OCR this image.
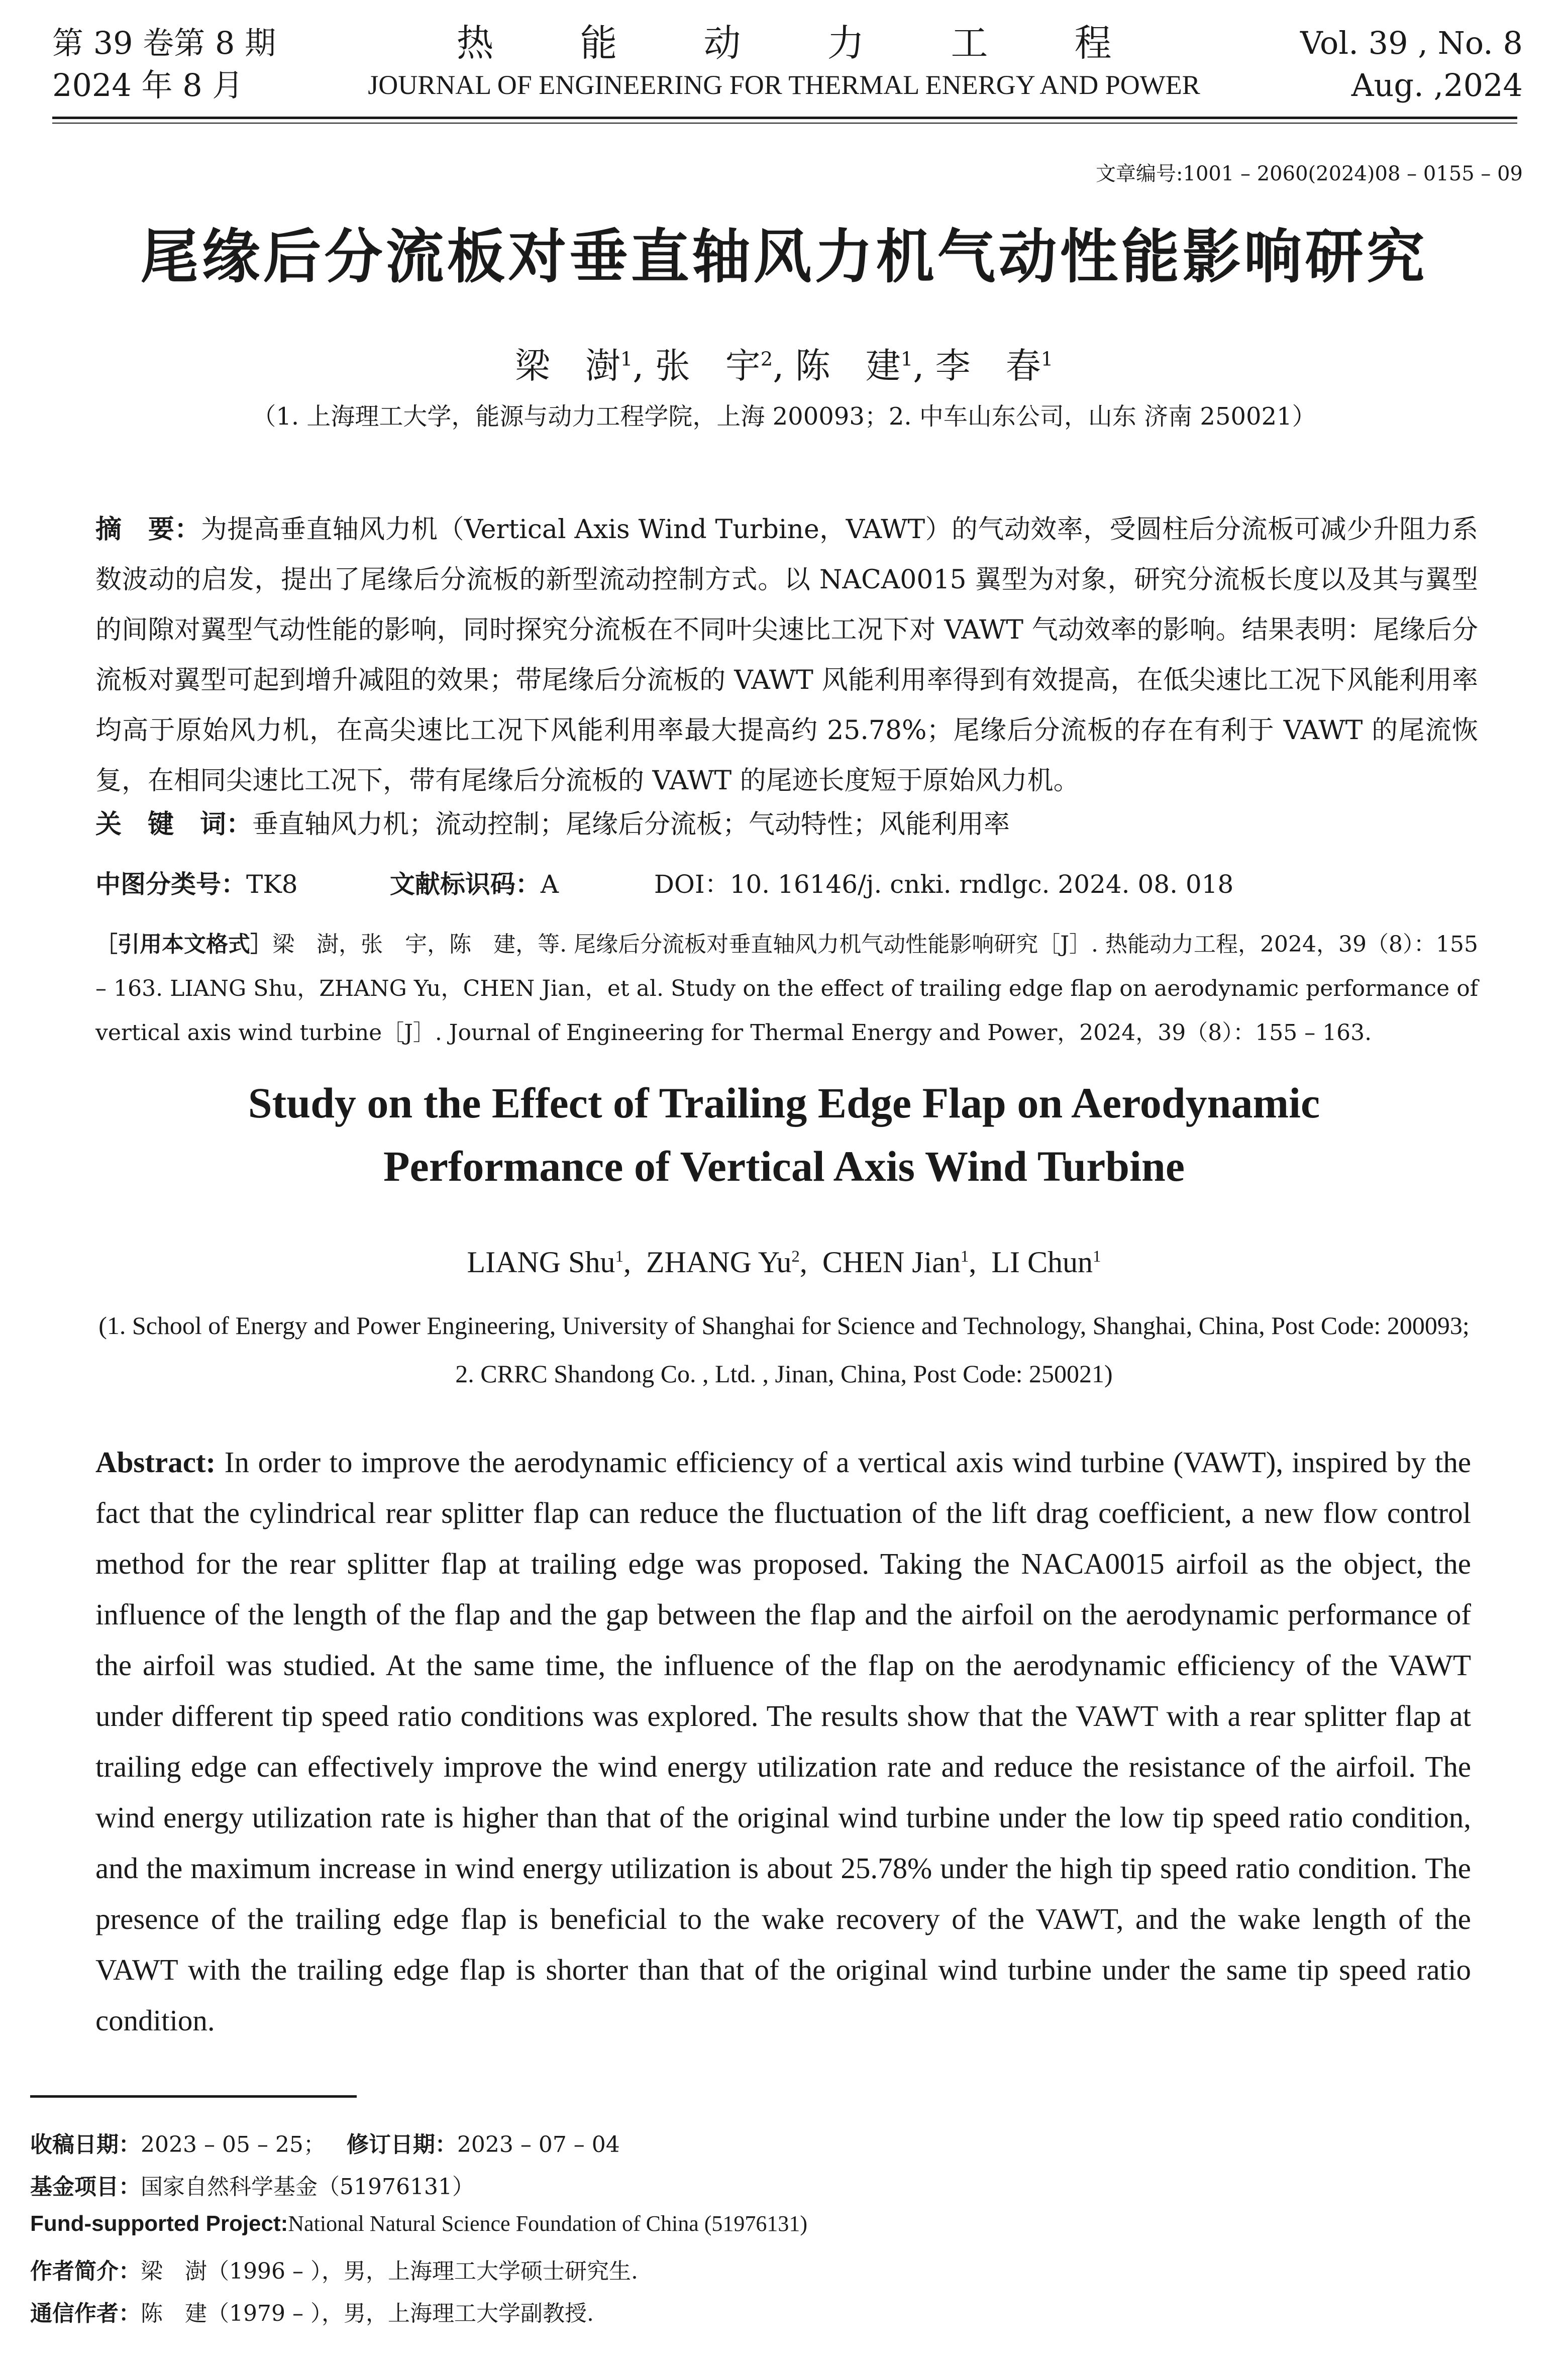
第 39 卷第 8 期
2024 年 8 月
热能动力工程
JOURNAL OF ENGINEERING FOR THERMAL ENERGY AND POWER
Vol. 39 , No. 8
Aug. ,2024
文章编号:1001 – 2060(2024)08 – 0155 – 09
尾缘后分流板对垂直轴风力机气动性能影响研究
梁　澍$^1$, 张　宇$^2$, 陈　建$^1$, 李　春$^1$
（1. 上海理工大学，能源与动力工程学院，上海 200093；2. 中车山东公司，山东 济南 250021）
摘　要：为提高垂直轴风力机（Vertical Axis Wind Turbine，VAWT）的气动效率，受圆柱后分流板可减少升阻力系数波动的启发，提出了尾缘后分流板的新型流动控制方式。以 NACA0015 翼型为对象，研究分流板长度以及其与翼型的间隙对翼型气动性能的影响，同时探究分流板在不同叶尖速比工况下对 VAWT 气动效率的影响。结果表明：尾缘后分流板对翼型可起到增升减阻的效果；带尾缘后分流板的 VAWT 风能利用率得到有效提高，在低尖速比工况下风能利用率均高于原始风力机，在高尖速比工况下风能利用率最大提高约 25.78%；尾缘后分流板的存在有利于 VAWT 的尾流恢复，在相同尖速比工况下，带有尾缘后分流板的 VAWT 的尾迹长度短于原始风力机。
关　键　词：垂直轴风力机；流动控制；尾缘后分流板；气动特性；风能利用率
中图分类号：TK8	文献标识码：A	DOI：10. 16146/j. cnki. rndlgc. 2024. 08. 018
［引用本文格式］梁　澍，张　宇，陈　建，等. 尾缘后分流板对垂直轴风力机气动性能影响研究［J］. 热能动力工程，2024，39（8）：155 – 163. LIANG Shu，ZHANG Yu，CHEN Jian，et al. Study on the effect of trailing edge flap on aerodynamic performance of vertical axis wind turbine［J］. Journal of Engineering for Thermal Energy and Power，2024，39（8）：155 – 163.
Study on the Effect of Trailing Edge Flap on Aerodynamic
Performance of Vertical Axis Wind Turbine
LIANG Shu$^1$,  ZHANG Yu$^2$,  CHEN Jian$^1$,  LI Chun$^1$
(1. School of Energy and Power Engineering, University of Shanghai for Science and Technology, Shanghai, China, Post Code: 200093;
2. CRRC Shandong Co. , Ltd. , Jinan, China, Post Code: 250021)
Abstract: In order to improve the aerodynamic efficiency of a vertical axis wind turbine (VAWT), inspired by the fact that the cylindrical rear splitter flap can reduce the fluctuation of the lift drag coefficient, a new flow control method for the rear splitter flap at trailing edge was proposed. Taking the NACA0015 airfoil as the object, the influence of the length of the flap and the gap between the flap and the airfoil on the aerodynamic performance of the airfoil was studied. At the same time, the influence of the flap on the aerodynamic efficiency of the VAWT under different tip speed ratio conditions was explored. The results show that the VAWT with a rear splitter flap at trailing edge can effectively improve the wind energy utilization rate and reduce the resistance of the airfoil. The wind energy utilization rate is higher than that of the original wind turbine under the low tip speed ratio condition, and the maximum increase in wind energy utilization is about 25.78% under the high tip speed ratio condition. The presence of the trailing edge flap is beneficial to the wake recovery of the VAWT, and the wake length of the VAWT with the trailing edge flap is shorter than that of the original wind turbine under the same tip speed ratio condition.
收稿日期：2023 – 05 – 25； 修订日期：2023 – 07 – 04
基金项目：国家自然科学基金（51976131）
Fund-supported Project:National Natural Science Foundation of China (51976131)
作者简介：梁　澍（1996 – ），男，上海理工大学硕士研究生.
通信作者：陈　建（1979 – ），男，上海理工大学副教授.
